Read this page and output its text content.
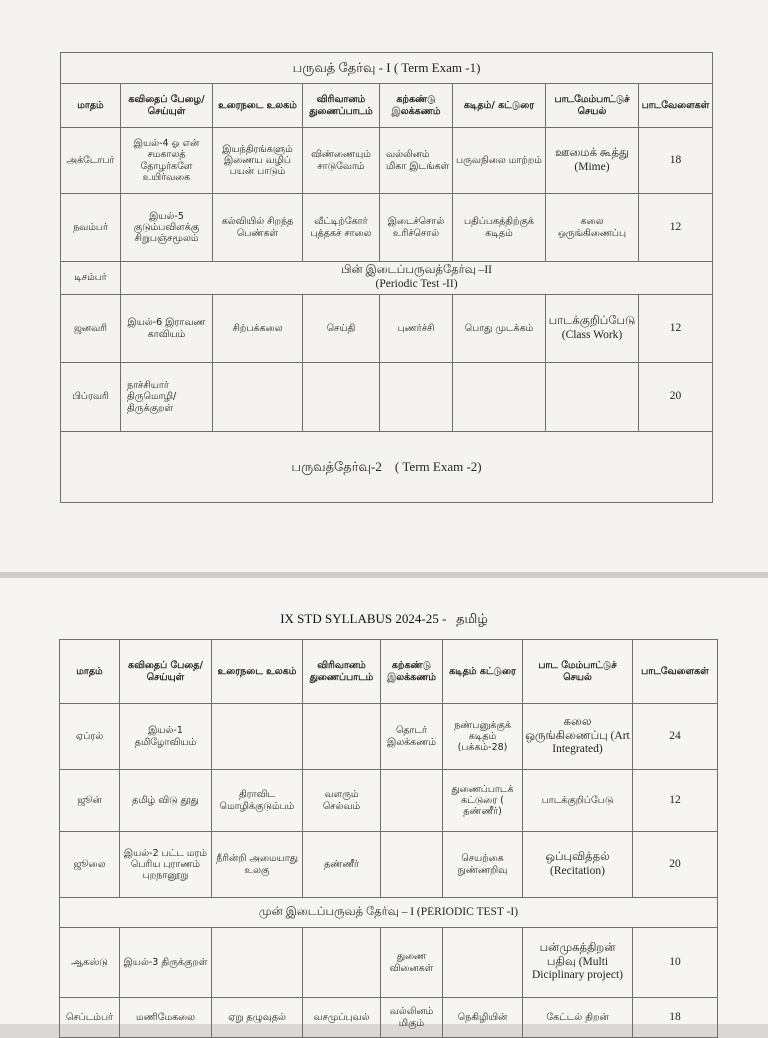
பருவத் தேர்வு - I ( Term Exam -1)							
மாதம்	கவிதைப் பேழை/செய்யுள்	உரைநடை உலகம்	விரிவானம் துணைப்பாடம்	கற்கண்டு இலக்கணம்	கடிதம்/ கட்டுரை	பாடமேம்பாட்டுச் செயல்	பாடவேளைகள்
அக்டோபர்	இயல்-4 ஓ என் சமகாலத் தோழர்களே உயிர்வகை	இயந்திரங்களும் இணைய வழிப் பயன் பாடும்	விண்ணையும் சாடுவோம்	வல்லினம் மிகா இடங்கள்	பருவநிலை மாற்றம்	ஊமைக் கூத்து (Mime)	18
நவம்பர்	இயல்-5 குடும்பவிளக்கு சிறுபஞ்சமூலம்	கல்வியில் சிறந்த பெண்கள்	வீட்டிற்கோர் புத்தகச் சாலை	இடைச்சொல் உரிச்சொல்	பதிப்பகத்திற்குக் கடிதம்	கலை ஒருங்கிணைப்பு	12
டிசம்பர்	பின் இடைப்பருவத்தேர்வு –II
(Periodic Test -II)						

ஜனவரி	இயல்-6 இராவண காவியம்	சிற்பக்கலை	செய்தி	புணர்ச்சி	பொது முடக்கம்	பாடக்குறிப்பேடு (Class Work)	12
பிப்ரவரி	நாச்சியார் திருமொழி/ திருக்குறள்						20
பருவத்தேர்வு-2    ( Term Exam -2)							
IX STD SYLLABUS 2024-25 -   தமிழ்
மாதம்	கவிதைப் பேதை/செய்யுள்	உரைநடை உலகம்	விரிவானம் துணைப்பாடம்	கற்கண்டு இலக்கணம்	கடிதம் கட்டுரை	பாட மேம்பாட்டுச் செயல்	பாடவேளைகள்
ஏப்ரல்	இயல்-1 தமிழோவியம்			தொடர் இலக்கணம்	நண்பனுக்குக் கடிதம் (பக்கம்-28)	கலை ஒருங்கிணைப்பு (Art Integrated)	24
ஜூன்	தமிழ் விடு தூது	திராவிட மொழிக்குடும்பம்	வளரும் செல்வம்		துணைப்பாடக் கட்டுரை ( தண்ணீர்)	பாடக்குறிப்பேடு	12
ஜூலை	இயல்-2 பட்ட மரம் பெரிய புராணம் புறநானூறு	நீரின்றி அமையாது உலகு	தண்ணீர்		செயற்கை நுண்ணறிவு	ஒப்புவித்தல் (Recitation)	20
முன் இடைப்பருவத் தேர்வு – I (PERIODIC TEST -I)							
ஆகஸ்டு	இயல்-3 திருக்குறள்			துணை வினைகள்		பன்முகத்திறன் பதிவு (Multi Diciplinary project)	10
செப்டம்பர்	மணிமேகலை	ஏறு தழுவுதல்	வசமுப்புவல்	வல்லினம் மிகும்	நெகிழியின்	கேட்டல் திறன்	18
